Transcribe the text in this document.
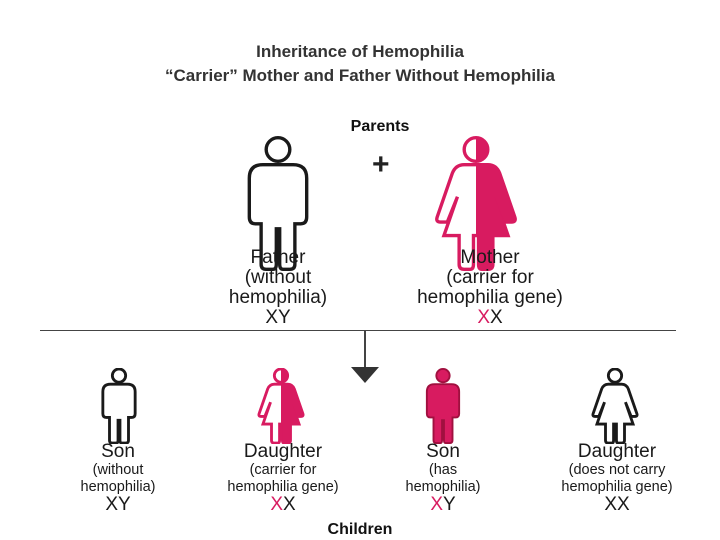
Inheritance of Hemophilia
“Carrier” Mother and Father Without Hemophilia
Parents
+
Father
(without
hemophilia)
XY
Mother
(carrier for
hemophilia gene)
XX
Son
(without
hemophilia)
XY
Daughter
(carrier for
hemophilia gene)
XX
Son
(has
hemophilia)
XY
Daughter
(does not carry
hemophilia gene)
XX
Children
